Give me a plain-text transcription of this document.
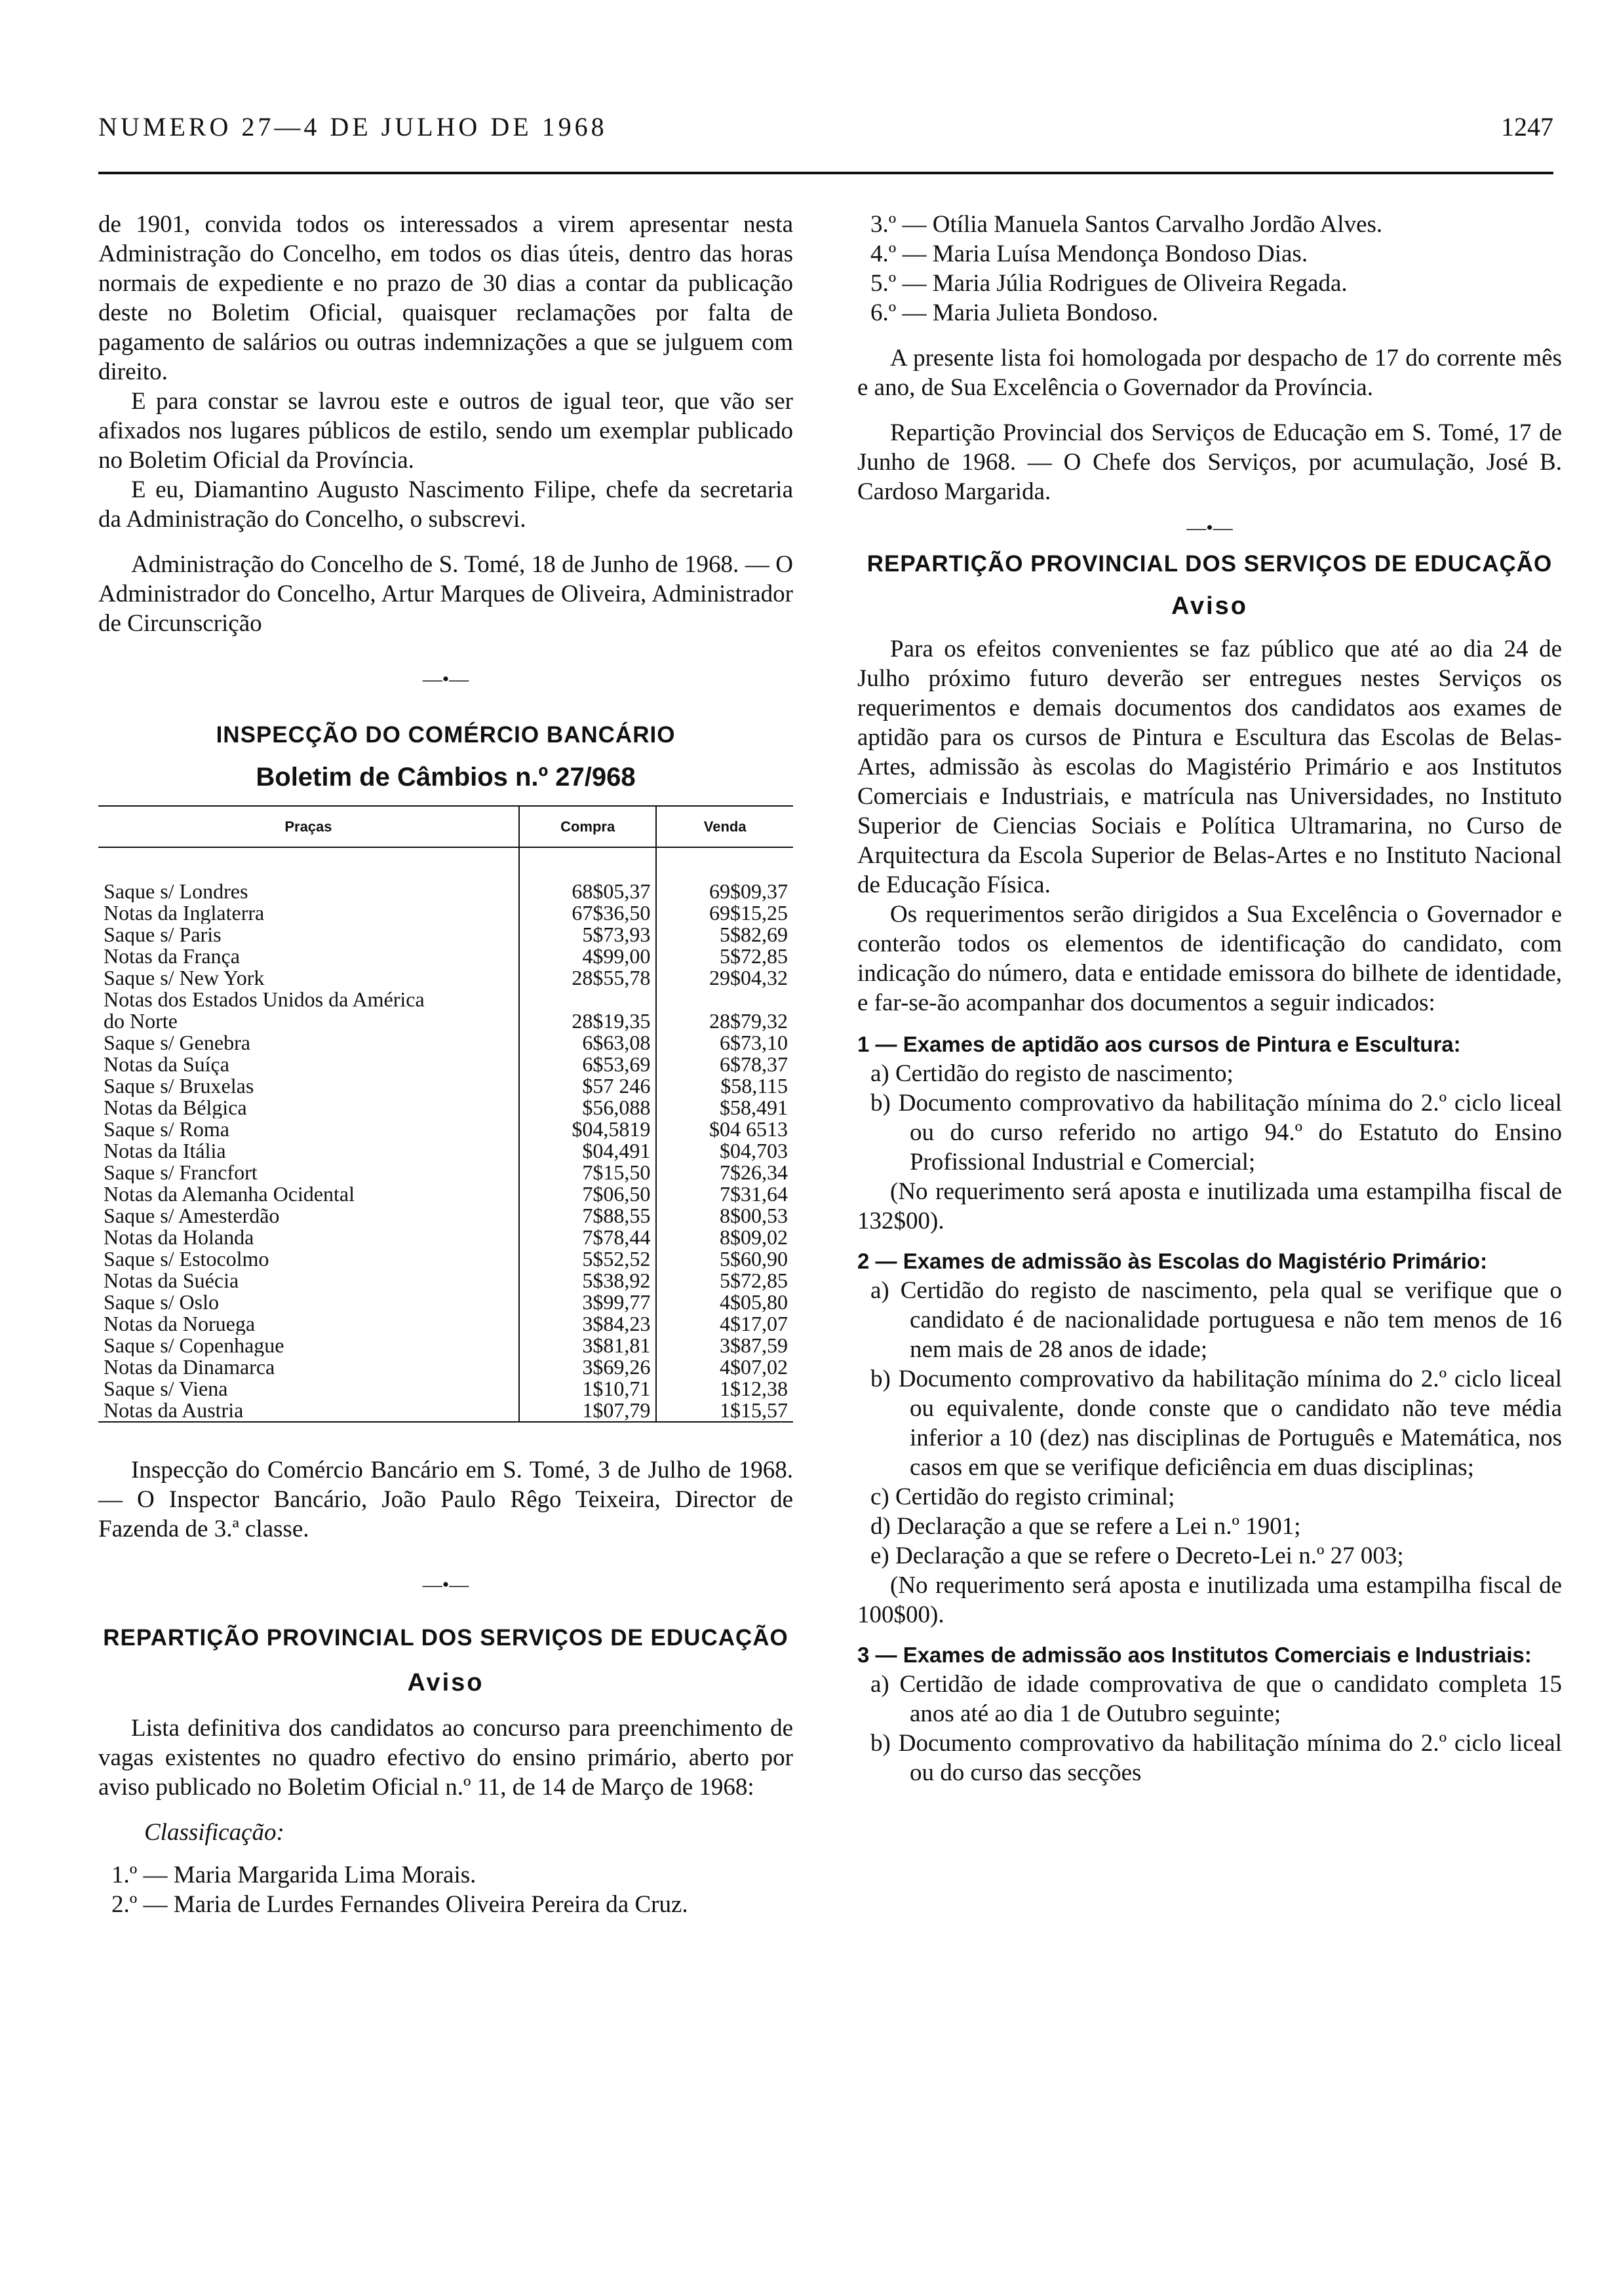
NUMERO 27—4 DE JULHO DE 1968	1247

de 1901, convida todos os interessados a virem apresentar nesta Administração do Concelho, em todos os dias úteis, dentro das horas normais de expediente e no prazo de 30 dias a contar da publicação deste no Boletim Oficial, quaisquer reclamações por falta de pagamento de salários ou outras indemnizações a que se julguem com direito.

E para constar se lavrou este e outros de igual teor, que vão ser afixados nos lugares públicos de estilo, sendo um exemplar publicado no Boletim Oficial da Província.

E eu, Diamantino Augusto Nascimento Filipe, chefe da secretaria da Administração do Concelho, o subscrevi.

Administração do Concelho de S. Tomé, 18 de Junho de 1968. — O Administrador do Concelho, Artur Marques de Oliveira, Administrador de Circunscrição

—•—
INSPECÇÃO DO COMÉRCIO BANCÁRIO
Boletim de Câmbios n.º 27/968
Praças	Compra	Venda

Saque s/ Londres	68$05,37	69$09,37
Notas da Inglaterra	67$36,50	69$15,25
Saque s/ Paris	5$73,93	5$82,69
Notas da França	4$99,00	5$72,85
Saque s/ New York	28$55,78	29$04,32
Notas dos Estados Unidos da América		
do Norte	28$19,35	28$79,32
Saque s/ Genebra	6$63,08	6$73,10
Notas da Suíça	6$53,69	6$78,37
Saque s/ Bruxelas	$57 246	$58,115
Notas da Bélgica	$56,088	$58,491
Saque s/ Roma	$04,5819	$04 6513
Notas da Itália	$04,491	$04,703
Saque s/ Francfort	7$15,50	7$26,34
Notas da Alemanha Ocidental	7$06,50	7$31,64
Saque s/ Amesterdão	7$88,55	8$00,53
Notas da Holanda	7$78,44	8$09,02
Saque s/ Estocolmo	5$52,52	5$60,90
Notas da Suécia	5$38,92	5$72,85
Saque s/ Oslo	3$99,77	4$05,80
Notas da Noruega	3$84,23	4$17,07
Saque s/ Copenhague	3$81,81	3$87,59
Notas da Dinamarca	3$69,26	4$07,02
Saque s/ Viena	1$10,71	1$12,38
Notas da Austria	1$07,79	1$15,57

Inspecção do Comércio Bancário em S. Tomé, 3 de Julho de 1968. — O Inspector Bancário, João Paulo Rêgo Teixeira, Director de Fazenda de 3.ª classe.

—•—
REPARTIÇÃO PROVINCIAL DOS SERVIÇOS DE EDUCAÇÃO
Aviso

Lista definitiva dos candidatos ao concurso para preenchimento de vagas existentes no quadro efectivo do ensino primário, aberto por aviso publicado no Boletim Oficial n.º 11, de 14 de Março de 1968:

Classificação:

1.º — Maria Margarida Lima Morais.
2.º — Maria de Lurdes Fernandes Oliveira Pereira da Cruz.
3.º — Otília Manuela Santos Carvalho Jordão Alves.
4.º — Maria Luísa Mendonça Bondoso Dias.
5.º — Maria Júlia Rodrigues de Oliveira Regada.
6.º — Maria Julieta Bondoso.

A presente lista foi homologada por despacho de 17 do corrente mês e ano, de Sua Excelência o Governador da Província.

Repartição Provincial dos Serviços de Educação em S. Tomé, 17 de Junho de 1968. — O Chefe dos Serviços, por acumulação, José B. Cardoso Margarida.

—•—
REPARTIÇÃO PROVINCIAL DOS SERVIÇOS DE EDUCAÇÃO
Aviso

Para os efeitos convenientes se faz público que até ao dia 24 de Julho próximo futuro deverão ser entregues nestes Serviços os requerimentos e demais documentos dos candidatos aos exames de aptidão para os cursos de Pintura e Escultura das Escolas de Belas-Artes, admissão às escolas do Magistério Primário e aos Institutos Comerciais e Industriais, e matrícula nas Universidades, no Instituto Superior de Ciencias Sociais e Política Ultramarina, no Curso de Arquitectura da Escola Superior de Belas-Artes e no Instituto Nacional de Educação Física.

Os requerimentos serão dirigidos a Sua Excelência o Governador e conterão todos os elementos de identificação do candidato, com indicação do número, data e entidade emissora do bilhete de identidade, e far-se-ão acompanhar dos documentos a seguir indicados:

1 — Exames de aptidão aos cursos de Pintura e Escultura:

a) Certidão do registo de nascimento;

b) Documento comprovativo da habilitação mínima do 2.º ciclo liceal ou do curso referido no artigo 94.º do Estatuto do Ensino Profissional Industrial e Comercial;

(No requerimento será aposta e inutilizada uma estampilha fiscal de 132$00).

2 — Exames de admissão às Escolas do Magistério Primário:

a) Certidão do registo de nascimento, pela qual se verifique que o candidato é de nacionalidade portuguesa e não tem menos de 16 nem mais de 28 anos de idade;

b) Documento comprovativo da habilitação mínima do 2.º ciclo liceal ou equivalente, donde conste que o candidato não teve média inferior a 10 (dez) nas disciplinas de Português e Matemática, nos casos em que se verifique deficiência em duas disciplinas;

c) Certidão do registo criminal;

d) Declaração a que se refere a Lei n.º 1901;

e) Declaração a que se refere o Decreto-Lei n.º 27 003;

(No requerimento será aposta e inutilizada uma estampilha fiscal de 100$00).

3 — Exames de admissão aos Institutos Comerciais e Industriais:

a) Certidão de idade comprovativa de que o candidato completa 15 anos até ao dia 1 de Outubro seguinte;

b) Documento comprovativo da habilitação mínima do 2.º ciclo liceal ou do curso das secções
